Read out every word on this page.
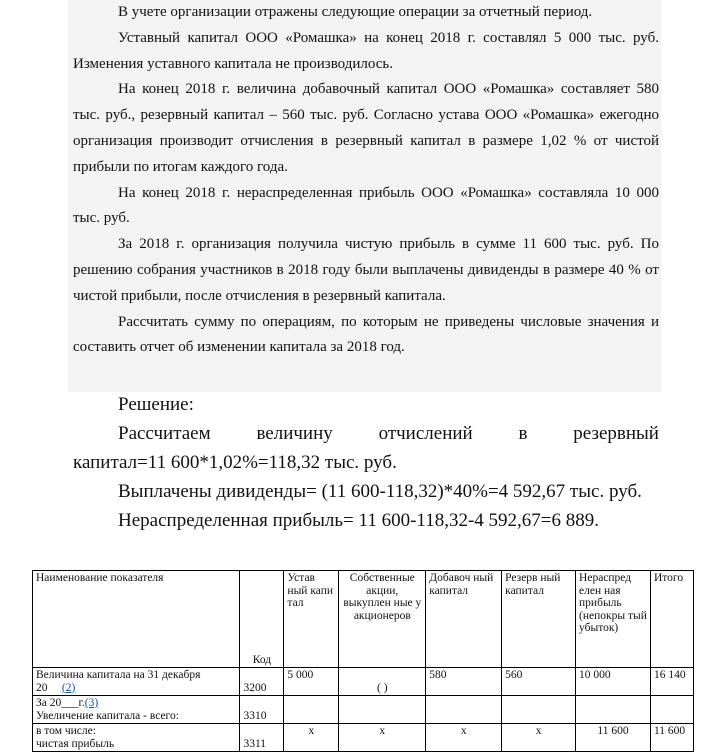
В учете организации отражены следующие операции за отчетный период.

Уставный капитал ООО «Ромашка» на конец 2018 г. составлял 5 000 тыс. руб. Изменения уставного капитала не производилось.

На конец 2018 г. величина добавочный капитал ООО «Ромашка» составляет 580 тыс. руб., резервный капитал – 560 тыс. руб. Согласно устава ООО «Ромашка» ежегодно организация производит отчисления в резервный капитал в размере 1,02 % от чистой прибыли по итогам каждого года.

На конец 2018 г. нераспределенная прибыль ООО «Ромашка» составляла 10 000 тыс. руб.

За 2018 г. организация получила чистую прибыль в сумме 11 600 тыс. руб. По решению собрания участников в 2018 году были выплачены дивиденды в размере 40 % от чистой прибыли, после отчисления в резервный капитала.

Рассчитать сумму по операциям, по которым не приведены числовые значения и составить отчет об изменении капитала за 2018 год.

Решение:

Рассчитаем величину отчислений в резервный

капитал=11 600*1,02%=118,32 тыс. руб.

Выплачены дивиденды= (11 600-118,32)*40%=4 592,67 тыс. руб.

Нераспределенная прибыль= 11 600-118,32-4 592,67=6 889.

Наименование показателя	Код	Устав ный капи тал	Собственные акции, выкуплен ные у акционеров	Добавоч ный капитал	Резерв ный капитал	Нераспред елен ная прибыль (непокры тый убыток)	Итого
Величина капитала на 31 декабря
20 (2)	3200	5 000	( )	580	560	10 000	16 140
За 20___г.(3)
Увеличение капитала - всего:	3310						
в том числе:
чистая прибыль	3311	х	х	х	х	11 600	11 600
